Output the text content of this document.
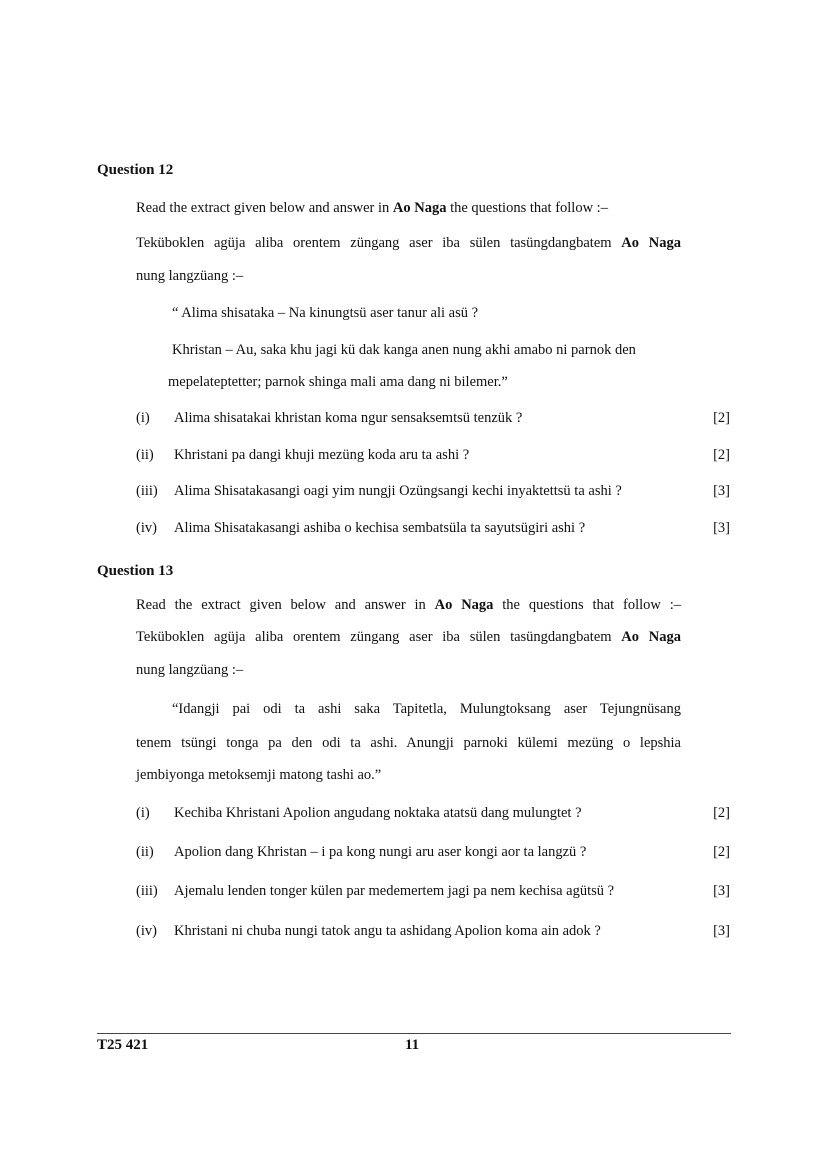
Question 12
Read the extract given below and answer in Ao Naga the questions that follow :–
Teküboklen agüja aliba orentem züngang aser iba sülen tasüngdangbatem Ao Naga
nung langzüang :–
“ Alima shisataka – Na kinungtsü aser tanur ali asü ?
Khristan – Au, saka khu jagi kü dak kanga anen nung akhi amabo ni parnok den
mepelateptetter; parnok shinga mali ama dang ni bilemer.”
(i) Alima shisatakai khristan koma ngur sensaksemtsü tenzük ?	[2]
(ii) Khristani pa dangi khuji mezüng koda aru ta ashi ?	[2]
(iii) Alima Shisatakasangi oagi yim nungji Ozüngsangi kechi inyaktettsü ta ashi ?	[3]
(iv) Alima Shisatakasangi ashiba o kechisa sembatsüla ta sayutsügiri ashi ?	[3]
Question 13
Read the extract given below and answer in Ao Naga the questions that follow :–
Teküboklen agüja aliba orentem züngang aser iba sülen tasüngdangbatem Ao Naga
nung langzüang :–
“Idangji pai odi ta ashi saka Tapitetla, Mulungtoksang aser Tejungnüsang
tenem tsüngi tonga pa den odi ta ashi. Anungji parnoki külemi mezüng o lepshia
jembiyonga metoksemji matong tashi ao.”
(i) Kechiba Khristani Apolion angudang noktaka atatsü dang mulungtet ?	[2]
(ii) Apolion dang Khristan – i pa kong nungi aru aser kongi aor ta langzü ?	[2]
(iii) Ajemalu lenden tonger külen par medemertem jagi pa nem kechisa agütsü ?	[3]
(iv) Khristani ni chuba nungi tatok angu ta ashidang Apolion koma ain adok ?	[3]
T25 421	11
